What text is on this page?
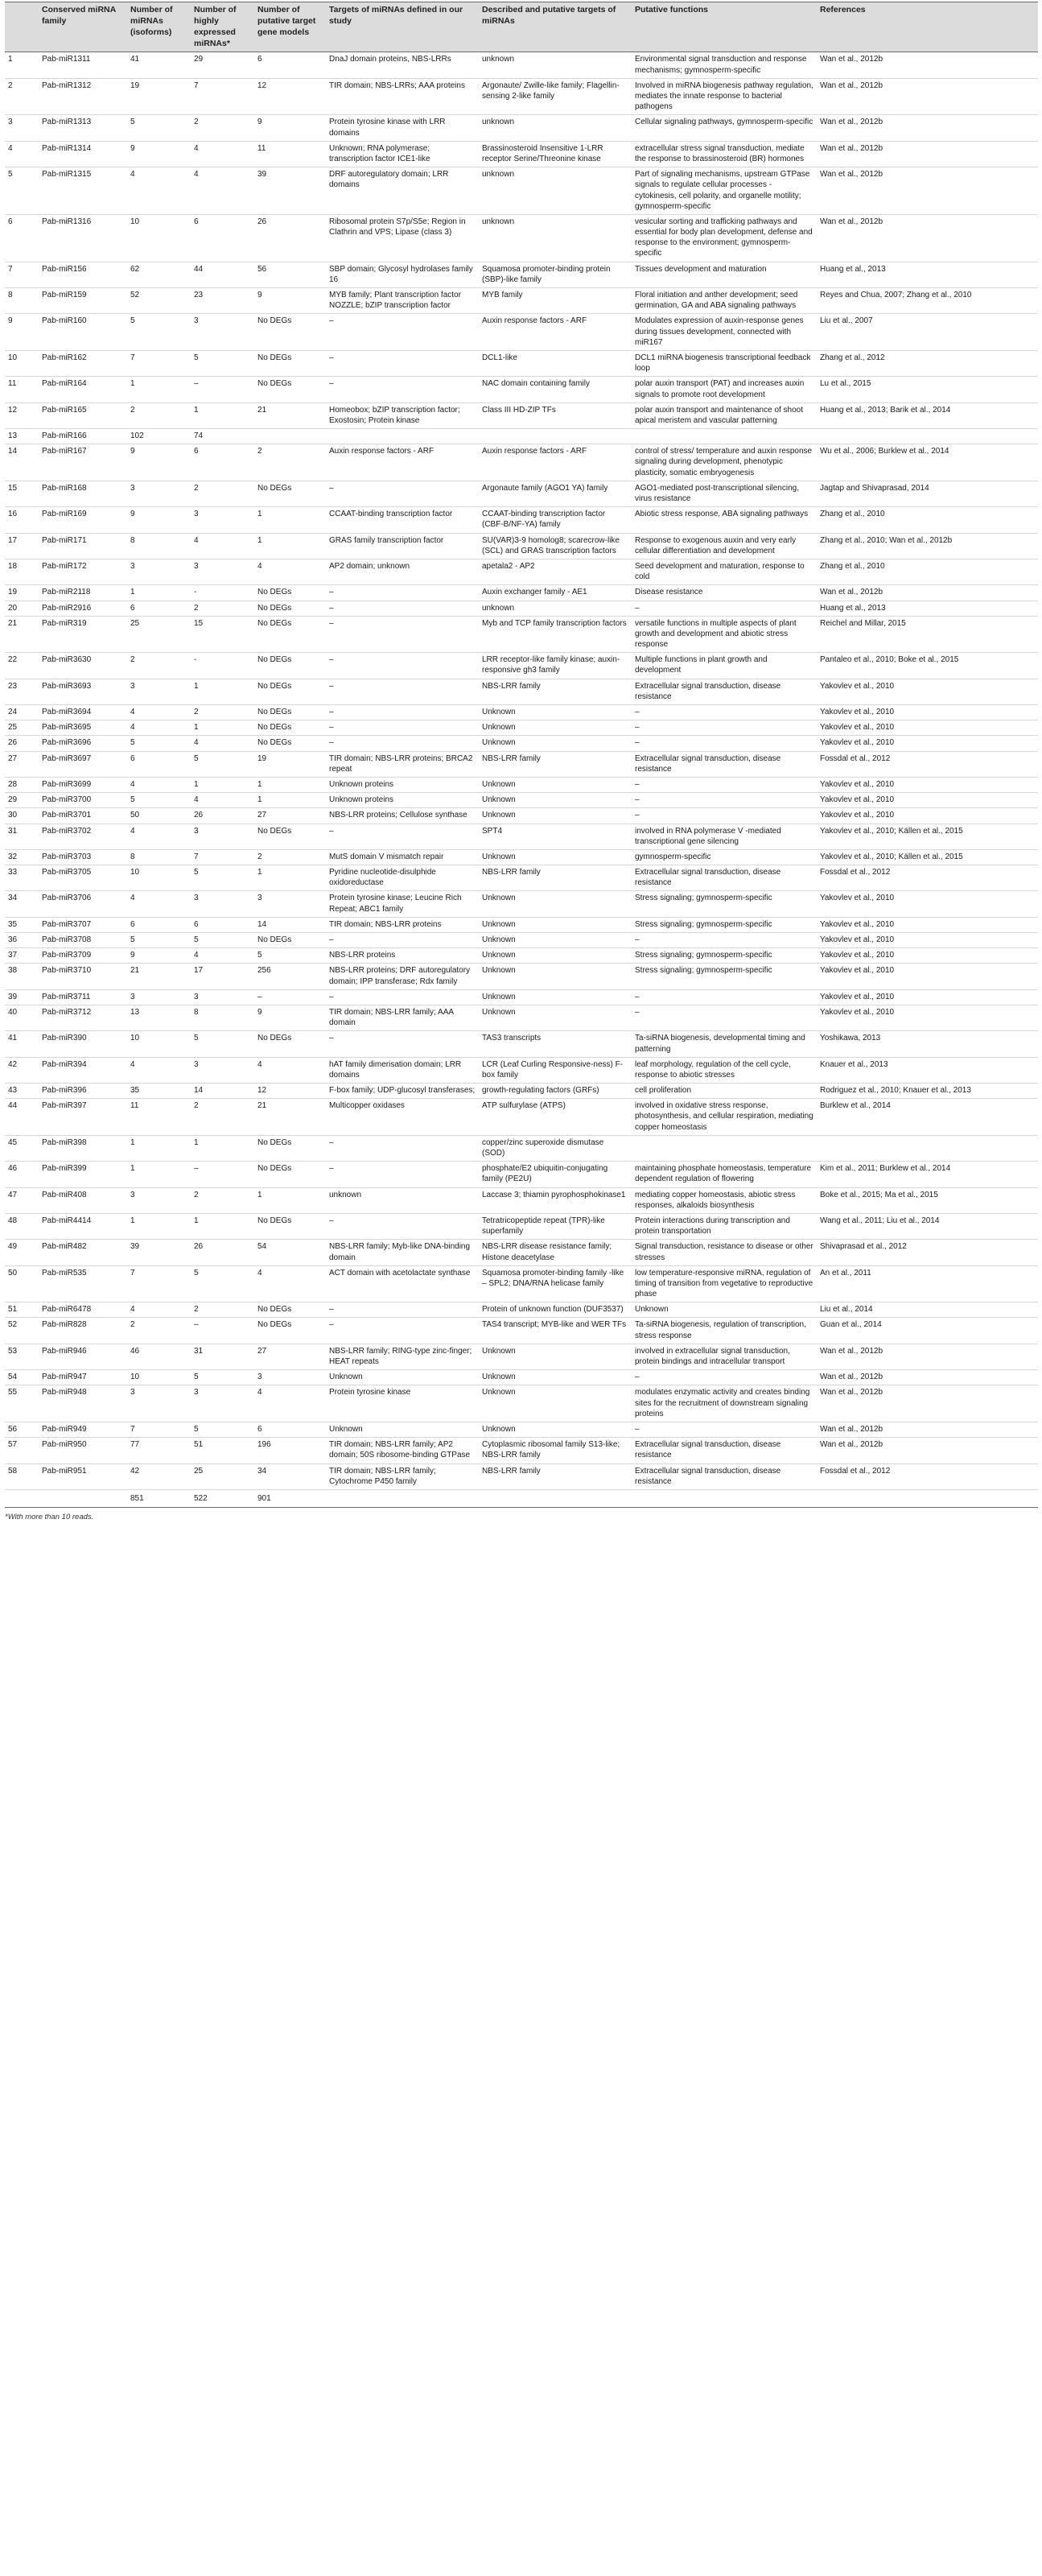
	Conserved miRNA family	Number of miRNAs (isoforms)	Number of highly expressed miRNAs*	Number of putative target gene models	Targets of miRNAs defined in our study	Described and putative targets of miRNAs	Putative functions	References
1	Pab-miR1311	41	29	6	DnaJ domain proteins, NBS-LRRs	unknown	Environmental signal transduction and response mechanisms; gymnosperm-specific	Wan et al., 2012b
2	Pab-miR1312	19	7	12	TIR domain; NBS-LRRs; AAA proteins	Argonaute/ Zwille-like family; Flagellin-sensing 2-like family	Involved in miRNA biogenesis pathway regulation, mediates the innate response to bacterial pathogens	Wan et al., 2012b
3	Pab-miR1313	5	2	9	Protein tyrosine kinase with LRR domains	unknown	Cellular signaling pathways, gymnosperm-specific	Wan et al., 2012b
4	Pab-miR1314	9	4	11	Unknown; RNA polymerase; transcription factor ICE1-like	Brassinosteroid Insensitive 1-LRR receptor Serine/Threonine kinase	extracellular stress signal transduction, mediate the response to brassinosteroid (BR) hormones	Wan et al., 2012b
5	Pab-miR1315	4	4	39	DRF autoregulatory domain; LRR domains	unknown	Part of signaling mechanisms, upstream GTPase signals to regulate cellular processes - cytokinesis, cell polarity, and organelle motility; gymnosperm-specific	Wan et al., 2012b
6	Pab-miR1316	10	6	26	Ribosomal protein S7p/S5e; Region in Clathrin and VPS; Lipase (class 3)	unknown	vesicular sorting and trafficking pathways and essential for body plan development, defense and response to the environment; gymnosperm-specific	Wan et al., 2012b
7	Pab-miR156	62	44	56	SBP domain; Glycosyl hydrolases family 16	Squamosa promoter-binding protein (SBP)-like family	Tissues development and maturation	Huang et al., 2013
8	Pab-miR159	52	23	9	MYB family; Plant transcription factor NOZZLE; bZIP transcription factor	MYB family	Floral initiation and anther development; seed germination, GA and ABA signaling pathways	Reyes and Chua, 2007; Zhang et al., 2010
9	Pab-miR160	5	3	No DEGs	–	Auxin response factors - ARF	Modulates expression of auxin-response genes during tissues development, connected with miR167	Liu et al., 2007
10	Pab-miR162	7	5	No DEGs	–	DCL1-like	DCL1 miRNA biogenesis transcriptional feedback loop	Zhang et al., 2012
11	Pab-miR164	1	–	No DEGs	–	NAC domain containing family	polar auxin transport (PAT) and increases auxin signals to promote root development	Lu et al., 2015
12	Pab-miR165	2	1	21	Homeobox; bZIP transcription factor; Exostosin; Protein kinase	Class III HD-ZIP TFs	polar auxin transport and maintenance of shoot apical meristem and vascular patterning	Huang et al., 2013; Barik et al., 2014
13	Pab-miR166	102	74					
14	Pab-miR167	9	6	2	Auxin response factors - ARF	Auxin response factors - ARF	control of stress/ temperature and auxin response signaling during development, phenotypic plasticity, somatic embryogenesis	Wu et al., 2006; Burklew et al., 2014
15	Pab-miR168	3	2	No DEGs	–	Argonaute family (AGO1 YA) family	AGO1-mediated post-transcriptional silencing, virus resistance	Jagtap and Shivaprasad, 2014
16	Pab-miR169	9	3	1	CCAAT-binding transcription factor	CCAAT-binding transcription factor (CBF-B/NF-YA) family	Abiotic stress response, ABA signaling pathways	Zhang et al., 2010
17	Pab-miR171	8	4	1	GRAS family transcription factor	SU(VAR)3-9 homolog8; scarecrow-like (SCL) and GRAS transcription factors	Response to exogenous auxin and very early cellular differentiation and development	Zhang et al., 2010; Wan et al., 2012b
18	Pab-miR172	3	3	4	AP2 domain; unknown	apetala2 - AP2	Seed development and maturation, response to cold	Zhang et al., 2010
19	Pab-miR2118	1	-	No DEGs	–	Auxin exchanger family - AE1	Disease resistance	Wan et al., 2012b
20	Pab-miR2916	6	2	No DEGs	–	unknown	–	Huang et al., 2013
21	Pab-miR319	25	15	No DEGs	–	Myb and TCP family transcription factors	versatile functions in multiple aspects of plant growth and development and abiotic stress response	Reichel and Millar, 2015
22	Pab-miR3630	2	-	No DEGs	–	LRR receptor-like family kinase; auxin-responsive gh3 family	Multiple functions in plant growth and development	Pantaleo et al., 2010; Boke et al., 2015
23	Pab-miR3693	3	1	No DEGs	–	NBS-LRR family	Extracellular signal transduction, disease resistance	Yakovlev et al., 2010
24	Pab-miR3694	4	2	No DEGs	–	Unknown	–	Yakovlev et al., 2010
25	Pab-miR3695	4	1	No DEGs	–	Unknown	–	Yakovlev et al., 2010
26	Pab-miR3696	5	4	No DEGs	–	Unknown	–	Yakovlev et al., 2010
27	Pab-miR3697	6	5	19	TIR domain; NBS-LRR proteins; BRCA2 repeat	NBS-LRR family	Extracellular signal transduction, disease resistance	Fossdal et al., 2012
28	Pab-miR3699	4	1	1	Unknown proteins	Unknown	–	Yakovlev et al., 2010
29	Pab-miR3700	5	4	1	Unknown proteins	Unknown	–	Yakovlev et al., 2010
30	Pab-miR3701	50	26	27	NBS-LRR proteins; Cellulose synthase	Unknown	–	Yakovlev et al., 2010
31	Pab-miR3702	4	3	No DEGs	–	SPT4	involved in RNA polymerase V -mediated transcriptional gene silencing	Yakovlev et al., 2010; Källen et al., 2015
32	Pab-miR3703	8	7	2	MutS domain V mismatch repair	Unknown	gymnosperm-specific	Yakovlev et al., 2010; Källen et al., 2015
33	Pab-miR3705	10	5	1	Pyridine nucleotide-disulphide oxidoreductase	NBS-LRR family	Extracellular signal transduction, disease resistance	Fossdal et al., 2012
34	Pab-miR3706	4	3	3	Protein tyrosine kinase; Leucine Rich Repeat; ABC1 family	Unknown	Stress signaling; gymnosperm-specific	Yakovlev et al., 2010
35	Pab-miR3707	6	6	14	TIR domain; NBS-LRR proteins	Unknown	Stress signaling; gymnosperm-specific	Yakovlev et al., 2010
36	Pab-miR3708	5	5	No DEGs	–	Unknown	–	Yakovlev et al., 2010
37	Pab-miR3709	9	4	5	NBS-LRR proteins	Unknown	Stress signaling; gymnosperm-specific	Yakovlev et al., 2010
38	Pab-miR3710	21	17	256	NBS-LRR proteins; DRF autoregulatory domain; IPP transferase; Rdx family	Unknown	Stress signaling; gymnosperm-specific	Yakovlev et al., 2010
39	Pab-miR3711	3	3	–	–	Unknown	–	Yakovlev et al., 2010
40	Pab-miR3712	13	8	9	TIR domain; NBS-LRR family; AAA domain	Unknown	–	Yakovlev et al., 2010
41	Pab-miR390	10	5	No DEGs	–	TAS3 transcripts	Ta-siRNA biogenesis, developmental timing and patterning	Yoshikawa, 2013
42	Pab-miR394	4	3	4	hAT family dimerisation domain; LRR domains	LCR (Leaf Curling Responsive-ness) F-box family	leaf morphology, regulation of the cell cycle, response to abiotic stresses	Knauer et al., 2013
43	Pab-miR396	35	14	12	F-box family; UDP-glucosyl transferases;	growth-regulating factors (GRFs)	cell proliferation	Rodriguez et al., 2010; Knauer et al., 2013
44	Pab-miR397	11	2	21	Multicopper oxidases	ATP sulfurylase (ATPS)	involved in oxidative stress response, photosynthesis, and cellular respiration, mediating copper homeostasis	Burklew et al., 2014
45	Pab-miR398	1	1	No DEGs	–	copper/zinc superoxide dismutase (SOD)		
46	Pab-miR399	1	–	No DEGs	–	phosphate/E2 ubiquitin-conjugating family (PE2U)	maintaining phosphate homeostasis, temperature dependent regulation of flowering	Kim et al., 2011; Burklew et al., 2014
47	Pab-miR408	3	2	1	unknown	Laccase 3; thiamin pyrophosphokinase1	mediating copper homeostasis, abiotic stress responses, alkaloids biosynthesis	Boke et al., 2015; Ma et al., 2015
48	Pab-miR4414	1	1	No DEGs	–	Tetratricopeptide repeat (TPR)-like superfamily	Protein interactions during transcription and protein transportation	Wang et al., 2011; Liu et al., 2014
49	Pab-miR482	39	26	54	NBS-LRR family; Myb-like DNA-binding domain	NBS-LRR disease resistance family; Histone deacetylase	Signal transduction, resistance to disease or other stresses	Shivaprasad et al., 2012
50	Pab-miR535	7	5	4	ACT domain with acetolactate synthase	Squamosa promoter-binding family -like – SPL2; DNA/RNA helicase family	low temperature-responsive miRNA, regulation of timing of transition from vegetative to reproductive phase	An et al., 2011
51	Pab-miR6478	4	2	No DEGs	–	Protein of unknown function (DUF3537)	Unknown	Liu et al., 2014
52	Pab-miR828	2	–	No DEGs	–	TAS4 transcript; MYB-like and WER TFs	Ta-siRNA biogenesis, regulation of transcription, stress response	Guan et al., 2014
53	Pab-miR946	46	31	27	NBS-LRR family; RING-type zinc-finger; HEAT repeats	Unknown	involved in extracellular signal transduction, protein bindings and intracellular transport	Wan et al., 2012b
54	Pab-miR947	10	5	3	Unknown	Unknown	–	Wan et al., 2012b
55	Pab-miR948	3	3	4	Protein tyrosine kinase	Unknown	modulates enzymatic activity and creates binding sites for the recruitment of downstream signaling proteins	Wan et al., 2012b
56	Pab-miR949	7	5	6	Unknown	Unknown	–	Wan et al., 2012b
57	Pab-miR950	77	51	196	TIR domain; NBS-LRR family; AP2 domain; 50S ribosome-binding GTPase	Cytoplasmic ribosomal family S13-like; NBS-LRR family	Extracellular signal transduction, disease resistance	Wan et al., 2012b
58	Pab-miR951	42	25	34	TIR domain; NBS-LRR family; Cytochrome P450 family	NBS-LRR family	Extracellular signal transduction, disease resistance	Fossdal et al., 2012
		851	522	901				
*With more than 10 reads.
